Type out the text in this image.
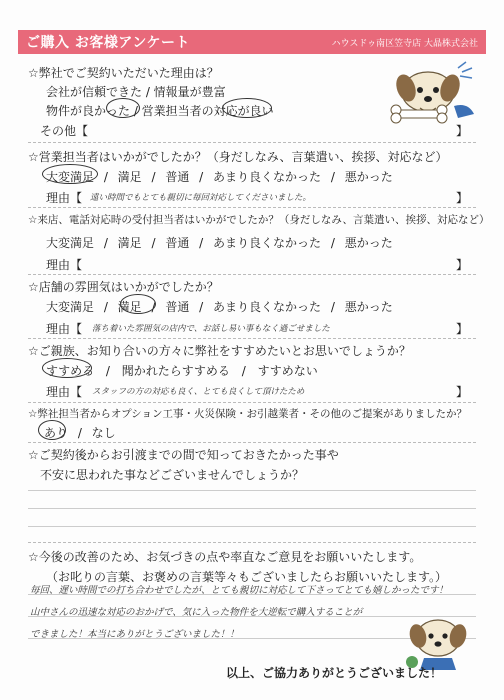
ご購入 お客様アンケート	ハウスドゥ南区笠寺店 大晶株式会社
☆弊社でご契約いただいた理由は？
会社が信頼できた / 情報量が豊富
物件が良かった / 営業担当者の対応が良い
その他【	】
☆営業担当者はいかがでしたか？（身だしなみ、言葉遣い、挨拶、対応など）
大変満足 / 満足 / 普通 / あまり良くなかった / 悪かった
理由【 遠い時間でもとても親切に毎回対応してくださいました。	】
☆来店、電話対応時の受付担当者はいかがでしたか？（身だしなみ、言葉遣い、挨拶、対応など）
大変満足 / 満足 / 普通 / あまり良くなかった / 悪かった
理由【	】
☆店舗の雰囲気はいかがでしたか？
大変満足 / 満足 / 普通 / あまり良くなかった / 悪かった
理由【 落ち着いた雰囲気の店内で、お話し易い事もなく過ごせました	】
☆ご親族、お知り合いの方々に弊社をすすめたいとお思いでしょうか？
すすめる / 聞かれたらすすめる / すすめない
理由【 スタッフの方の対応も良く、とても良くして頂けたため	】
☆弊社担当者からオプション工事・火災保険・お引越業者・その他のご提案がありましたか？
あり / なし
☆ご契約後からお引渡までの間で知っておきたかった事や
不安に思われた事などございませんでしょうか？
☆今後の改善のため、お気づきの点や率直なご意見をお願いいたします。
（お叱りの言葉、お褒めの言葉等々もございましたらお願いいたします。）
毎回、遅い時間での打ち合わせでしたが、とても親切に対応して下さってとても嬉しかったです！
山中さんの迅速な対応のおかげで、気に入った物件を大逆転で購入することが
できました！本当にありがとうございました！！
以上、ご協力ありがとうございました！
